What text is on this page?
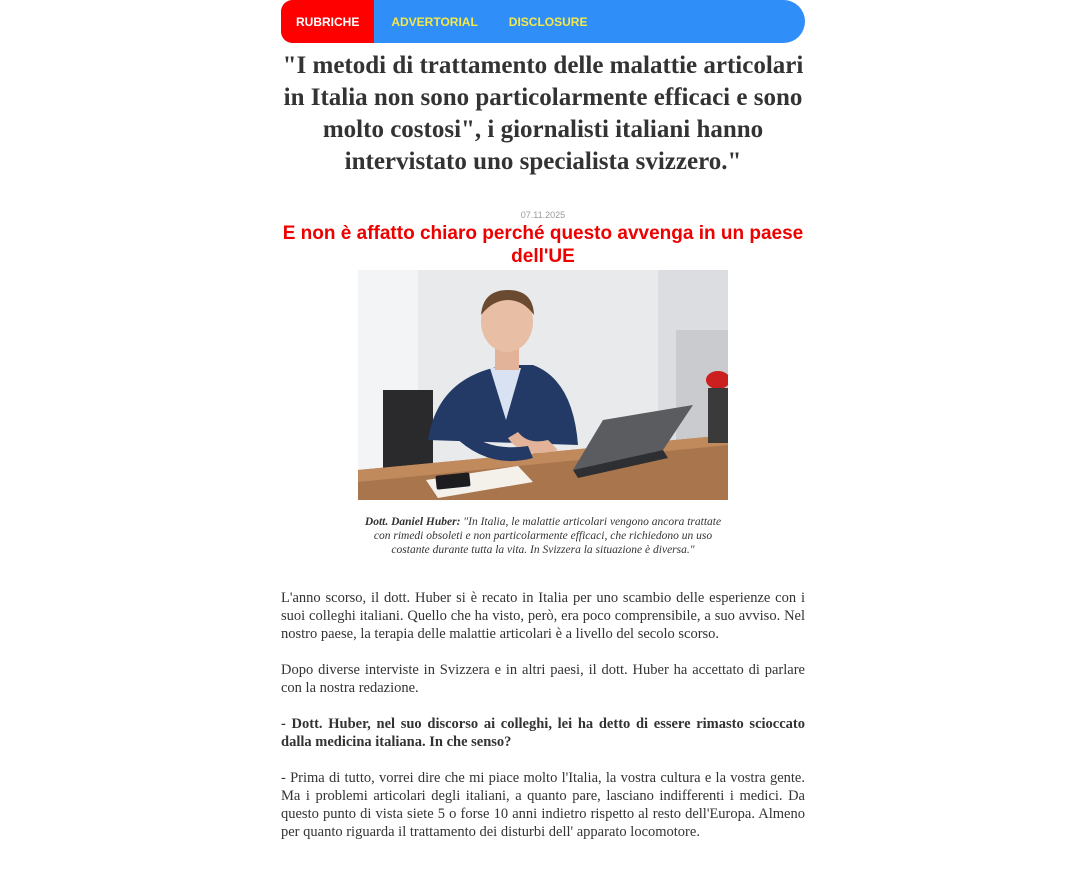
RUBRICHE	ADVERTORIAL	DISCLOSURE
"I metodi di trattamento delle malattie articolari in Italia non sono particolarmente efficaci e sono molto costosi", i giornalisti italiani hanno intervistato uno specialista svizzero."
07.11.2025
E non è affatto chiaro perché questo avvenga in un paese dell'UE
Dott. Daniel Huber: "In Italia, le malattie articolari vengono ancora trattate con rimedi obsoleti e non particolarmente efficaci, che richiedono un uso costante durante tutta la vita. In Svizzera la situazione è diversa."

L'anno scorso, il dott. Huber si è recato in Italia per uno scambio delle esperienze con i suoi colleghi italiani. Quello che ha visto, però, era poco comprensibile, a suo avviso. Nel nostro paese, la terapia delle malattie articolari è a livello del secolo scorso.

Dopo diverse interviste in Svizzera e in altri paesi, il dott. Huber ha accettato di parlare con la nostra redazione.

- Dott. Huber, nel suo discorso ai colleghi, lei ha detto di essere rimasto scioccato dalla medicina italiana. In che senso?

- Prima di tutto, vorrei dire che mi piace molto l'Italia, la vostra cultura e la vostra gente. Ma i problemi articolari degli italiani, a quanto pare, lasciano indifferenti i medici. Da questo punto di vista siete 5 o forse 10 anni indietro rispetto al resto dell'Europa. Almeno per quanto riguarda il trattamento dei disturbi dell' apparato locomotore.
